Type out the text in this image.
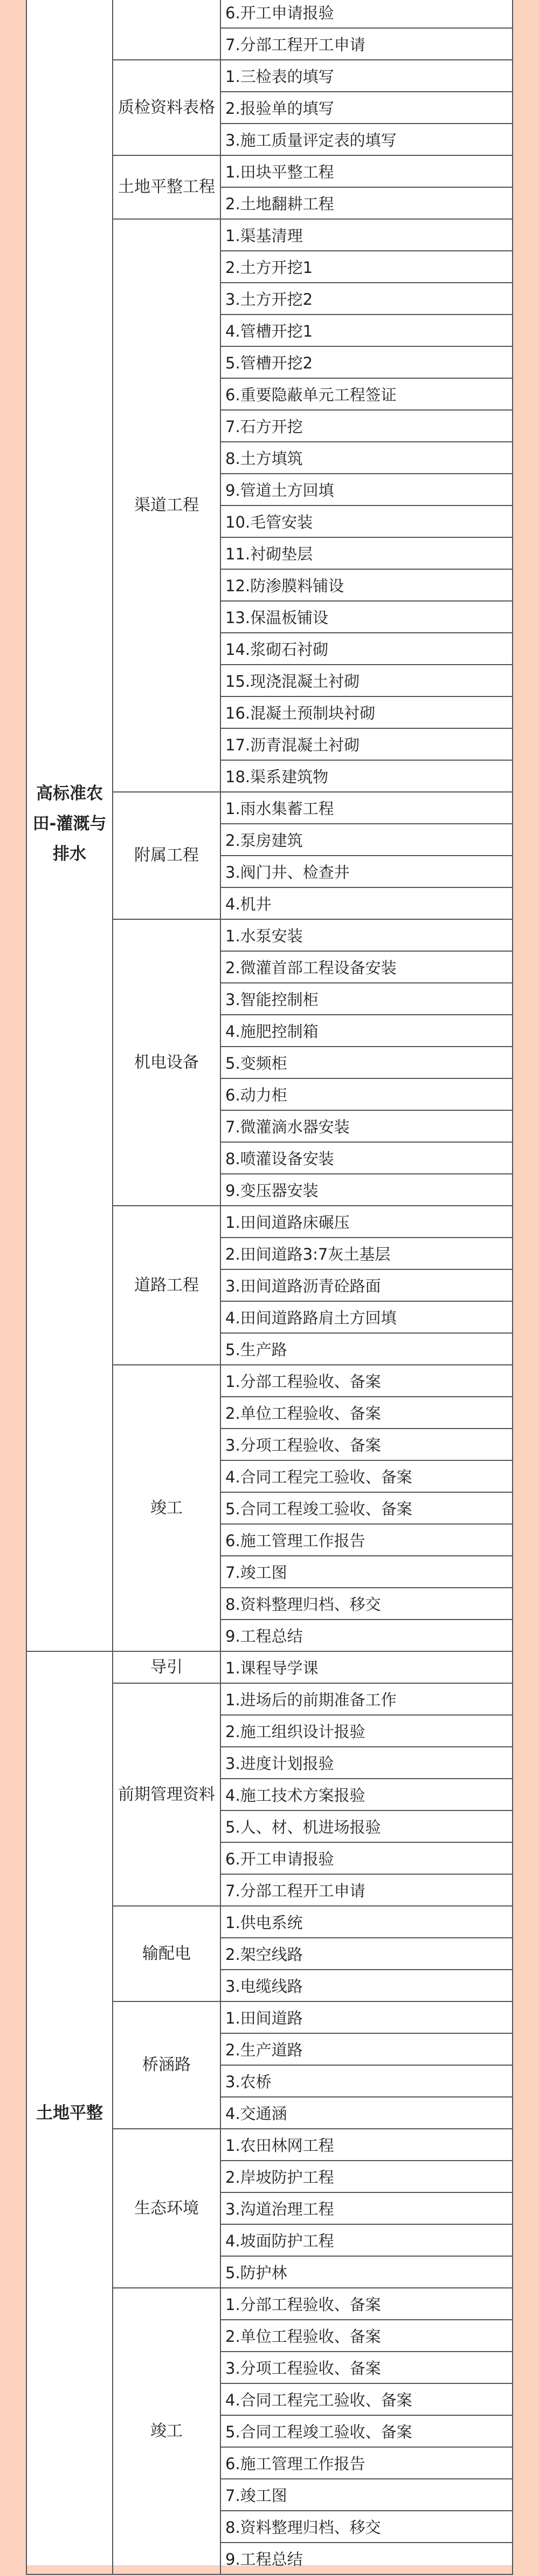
高标准农田-灌溉与排水		6.开工申请报验
		7.分部工程开工申请
	质检资料表格	1.三检表的填写
		2.报验单的填写
		3.施工质量评定表的填写
	土地平整工程	1.田块平整工程
		2.土地翻耕工程
	渠道工程	1.渠基清理
		2.土方开挖1
		3.土方开挖2
		4.管槽开挖1
		5.管槽开挖2
		6.重要隐蔽单元工程签证
		7.石方开挖
		8.土方填筑
		9.管道土方回填
		10.毛管安装
		11.衬砌垫层
		12.防渗膜料铺设
		13.保温板铺设
		14.浆砌石衬砌
		15.现浇混凝土衬砌
		16.混凝土预制块衬砌
		17.沥青混凝土衬砌
		18.渠系建筑物
	附属工程	1.雨水集蓄工程
		2.泵房建筑
		3.阀门井、检查井
		4.机井
	机电设备	1.水泵安装
		2.微灌首部工程设备安装
		3.智能控制柜
		4.施肥控制箱
		5.变频柜
		6.动力柜
		7.微灌滴水器安装
		8.喷灌设备安装
		9.变压器安装
	道路工程	1.田间道路床碾压
		2.田间道路3:7灰土基层
		3.田间道路沥青砼路面
		4.田间道路路肩土方回填
		5.生产路
	竣工	1.分部工程验收、备案
		2.单位工程验收、备案
		3.分项工程验收、备案
		4.合同工程完工验收、备案
		5.合同工程竣工验收、备案
		6.施工管理工作报告
		7.竣工图
		8.资料整理归档、移交
		9.工程总结
土地平整	导引	1.课程导学课
	前期管理资料	1.进场后的前期准备工作
		2.施工组织设计报验
		3.进度计划报验
		4.施工技术方案报验
		5.人、材、机进场报验
		6.开工申请报验
		7.分部工程开工申请
	输配电	1.供电系统
		2.架空线路
		3.电缆线路
	桥涵路	1.田间道路
		2.生产道路
		3.农桥
		4.交通涵
	生态环境	1.农田林网工程
		2.岸坡防护工程
		3.沟道治理工程
		4.坡面防护工程
		5.防护林
	竣工	1.分部工程验收、备案
		2.单位工程验收、备案
		3.分项工程验收、备案
		4.合同工程完工验收、备案
		5.合同工程竣工验收、备案
		6.施工管理工作报告
		7.竣工图
		8.资料整理归档、移交
		9.工程总结
